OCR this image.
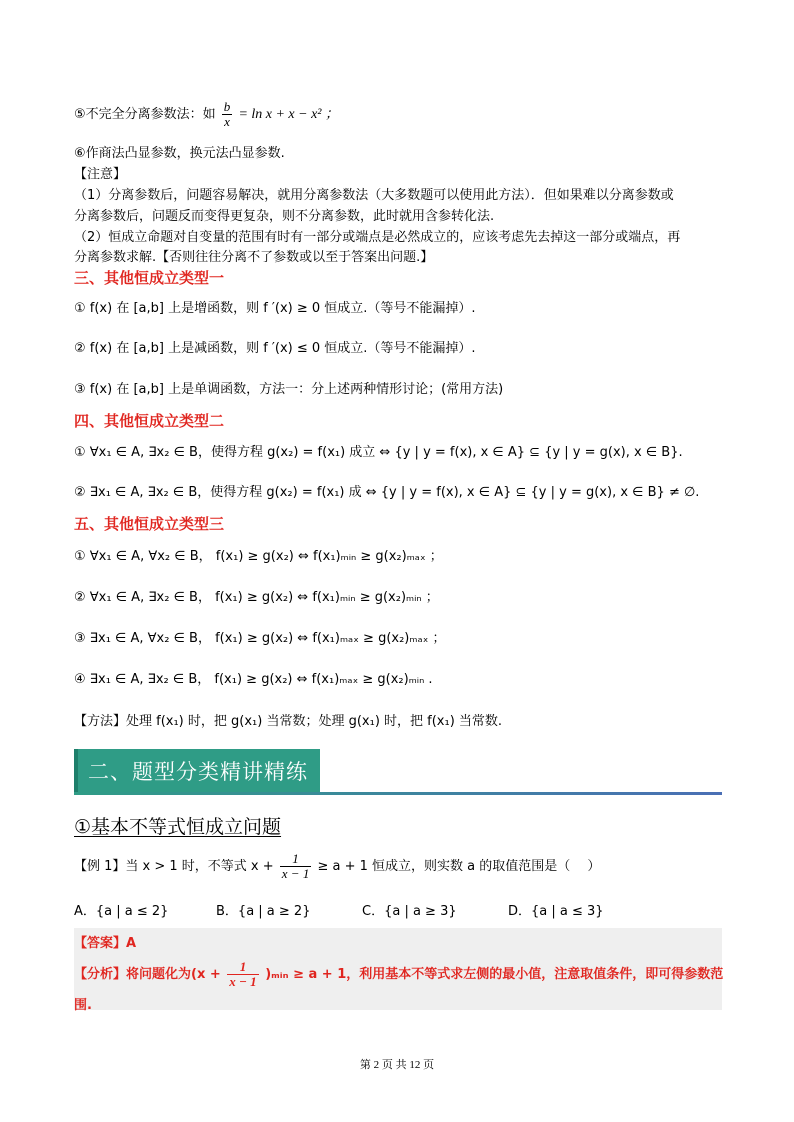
⑤不完全分离参数法：如 $\frac{b}{x} = \ln x + x - x^2$ ；
⑥作商法凸显参数，换元法凸显参数.
【注意】
（1）分离参数后，问题容易解决，就用分离参数法（大多数题可以使用此方法）．但如果难以分离参数或
分离参数后，问题反而变得更复杂，则不分离参数，此时就用含参转化法.
（2）恒成立命题对自变量的范围有时有一部分或端点是必然成立的，应该考虑先去掉这一部分或端点，再
分离参数求解.【否则往往分离不了参数或以至于答案出问题.】
三、其他恒成立类型一
① f(x) 在 [a,b] 上是增函数，则 f ′(x) ≥ 0 恒成立.（等号不能漏掉）.
② f(x) 在 [a,b] 上是减函数，则 f ′(x) ≤ 0 恒成立.（等号不能漏掉）.
③ f(x) 在 [a,b] 上是单调函数，方法一：分上述两种情形讨论；(常用方法)
四、其他恒成立类型二
① ∀x₁ ∈ A, ∃x₂ ∈ B，使得方程 g(x₂) = f(x₁) 成立 ⇔ {y | y = f(x), x ∈ A} ⊆ {y | y = g(x), x ∈ B}.
② ∃x₁ ∈ A, ∃x₂ ∈ B，使得方程 g(x₂) = f(x₁) 成 ⇔ {y | y = f(x), x ∈ A} ⊆ {y | y = g(x), x ∈ B} ≠ ∅.
五、其他恒成立类型三
① ∀x₁ ∈ A, ∀x₂ ∈ B， f(x₁) ≥ g(x₂) ⇔ f(x₁)ₘᵢₙ ≥ g(x₂)ₘₐₓ ；
② ∀x₁ ∈ A, ∃x₂ ∈ B， f(x₁) ≥ g(x₂) ⇔ f(x₁)ₘᵢₙ ≥ g(x₂)ₘᵢₙ ；
③ ∃x₁ ∈ A, ∀x₂ ∈ B， f(x₁) ≥ g(x₂) ⇔ f(x₁)ₘₐₓ ≥ g(x₂)ₘₐₓ ；
④ ∃x₁ ∈ A, ∃x₂ ∈ B， f(x₁) ≥ g(x₂) ⇔ f(x₁)ₘₐₓ ≥ g(x₂)ₘᵢₙ .
【方法】处理 f(x₁) 时，把 g(x₁) 当常数；处理 g(x₁) 时，把 f(x₁) 当常数.
二、题型分类精讲精练
①基本不等式恒成立问题
【例 1】当 x > 1 时，不等式 $x + \frac{1}{x - 1} \ge a + 1$ 恒成立，则实数 a 的取值范围是（　 ）
A．{a | a ≤ 2}	B．{a | a ≥ 2}	C．{a | a ≥ 3}	D．{a | a ≤ 3}
【答案】A
【分析】将问题化为($x + \frac{1}{x - 1}$ )ₘᵢₙ ≥ a + 1，利用基本不等式求左侧的最小值，注意取值条件，即可得参数范
围.
第 2 页 共 12 页
